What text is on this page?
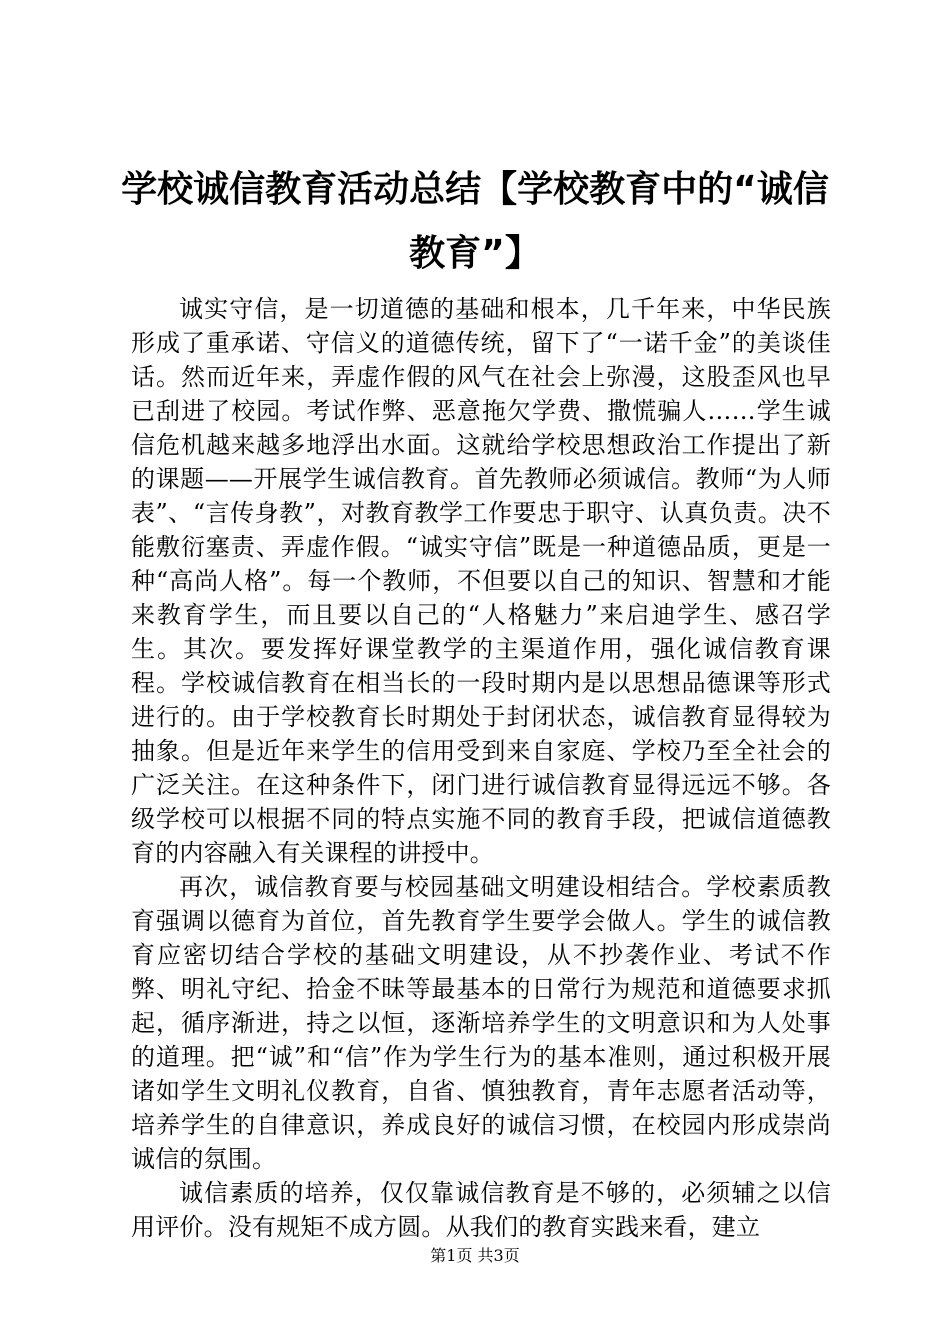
学校诚信教育活动总结【学校教育中的“诚信教育”】

诚实守信，是一切道德的基础和根本，几千年来，中华民族形成了重承诺、守信义的道德传统，留下了“一诺千金”的美谈佳话。然而近年来，弄虚作假的风气在社会上弥漫，这股歪风也早已刮进了校园。考试作弊、恶意拖欠学费、撒慌骗人……学生诚信危机越来越多地浮出水面。这就给学校思想政治工作提出了新的课题——开展学生诚信教育。首先教师必须诚信。教师“为人师表”、“言传身教”，对教育教学工作要忠于职守、认真负责。决不能敷衍塞责、弄虚作假。“诚实守信”既是一种道德品质，更是一种“高尚人格”。每一个教师，不但要以自己的知识、智慧和才能来教育学生，而且要以自己的“人格魅力”来启迪学生、感召学生。其次。要发挥好课堂教学的主渠道作用，强化诚信教育课程。学校诚信教育在相当长的一段时期内是以思想品德课等形式进行的。由于学校教育长时期处于封闭状态，诚信教育显得较为抽象。但是近年来学生的信用受到来自家庭、学校乃至全社会的广泛关注。在这种条件下，闭门进行诚信教育显得远远不够。各级学校可以根据不同的特点实施不同的教育手段，把诚信道德教育的内容融入有关课程的讲授中。

再次，诚信教育要与校园基础文明建设相结合。学校素质教育强调以德育为首位，首先教育学生要学会做人。学生的诚信教育应密切结合学校的基础文明建设，从不抄袭作业、考试不作弊、明礼守纪、拾金不昧等最基本的日常行为规范和道德要求抓起，循序渐进，持之以恒，逐渐培养学生的文明意识和为人处事的道理。把“诚”和“信”作为学生行为的基本准则，通过积极开展诸如学生文明礼仪教育，自省、慎独教育，青年志愿者活动等，培养学生的自律意识，养成良好的诚信习惯，在校园内形成崇尚诚信的氛围。

诚信素质的培养，仅仅靠诚信教育是不够的，必须辅之以信用评价。没有规矩不成方圆。从我们的教育实践来看，建立

第1页 共3页
